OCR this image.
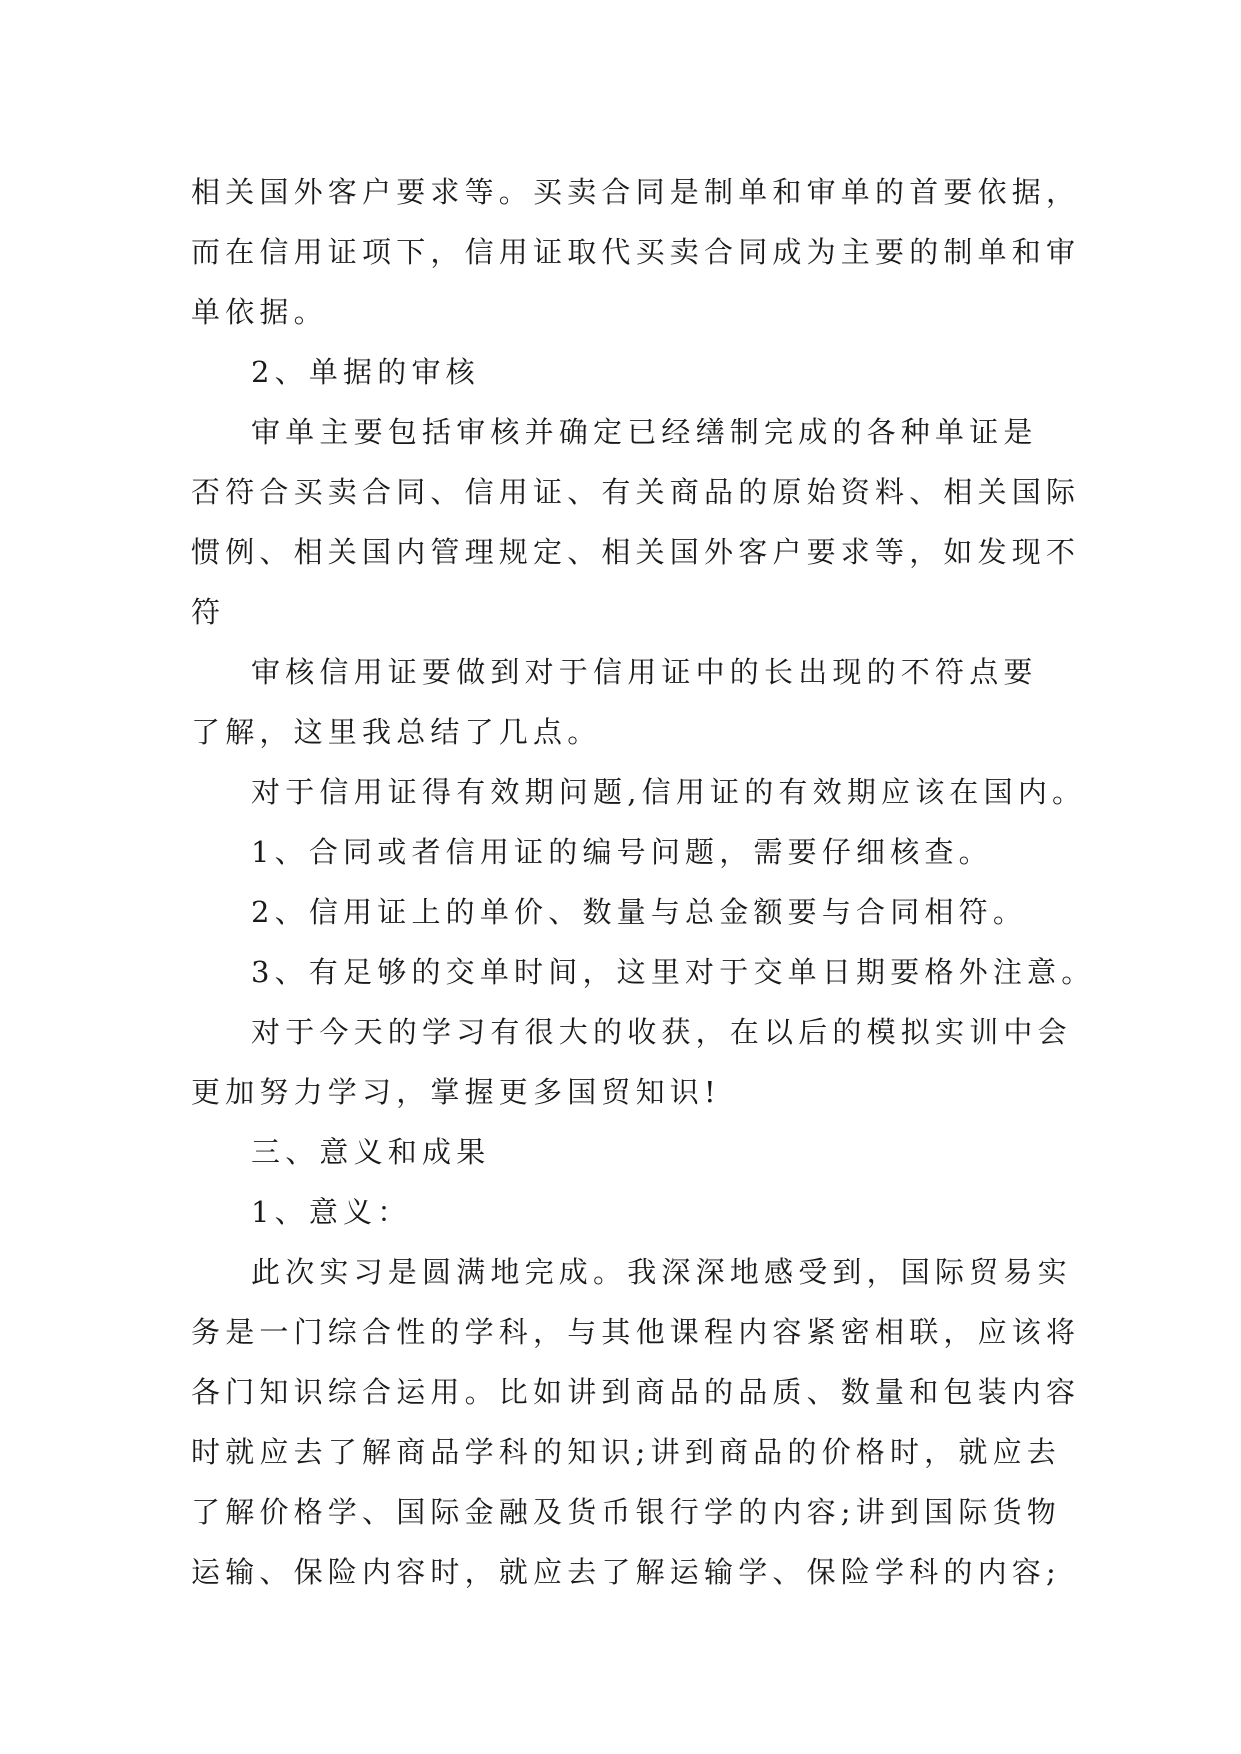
相关国外客户要求等。买卖合同是制单和审单的首要依据，
而在信用证项下，信用证取代买卖合同成为主要的制单和审
单依据。

2、单据的审核

审单主要包括审核并确定已经缮制完成的各种单证是
否符合买卖合同、信用证、有关商品的原始资料、相关国际
惯例、相关国内管理规定、相关国外客户要求等，如发现不
符

审核信用证要做到对于信用证中的长出现的不符点要
了解，这里我总结了几点。

对于信用证得有效期问题,信用证的有效期应该在国内。

1、合同或者信用证的编号问题，需要仔细核查。

2、信用证上的单价、数量与总金额要与合同相符。

3、有足够的交单时间，这里对于交单日期要格外注意。

对于今天的学习有很大的收获，在以后的模拟实训中会
更加努力学习，掌握更多国贸知识!

三、意义和成果

1、意义：

此次实习是圆满地完成。我深深地感受到，国际贸易实
务是一门综合性的学科，与其他课程内容紧密相联，应该将
各门知识综合运用。比如讲到商品的品质、数量和包装内容
时就应去了解商品学科的知识;讲到商品的价格时，就应去
了解价格学、国际金融及货币银行学的内容;讲到国际货物
运输、保险内容时，就应去了解运输学、保险学科的内容;
